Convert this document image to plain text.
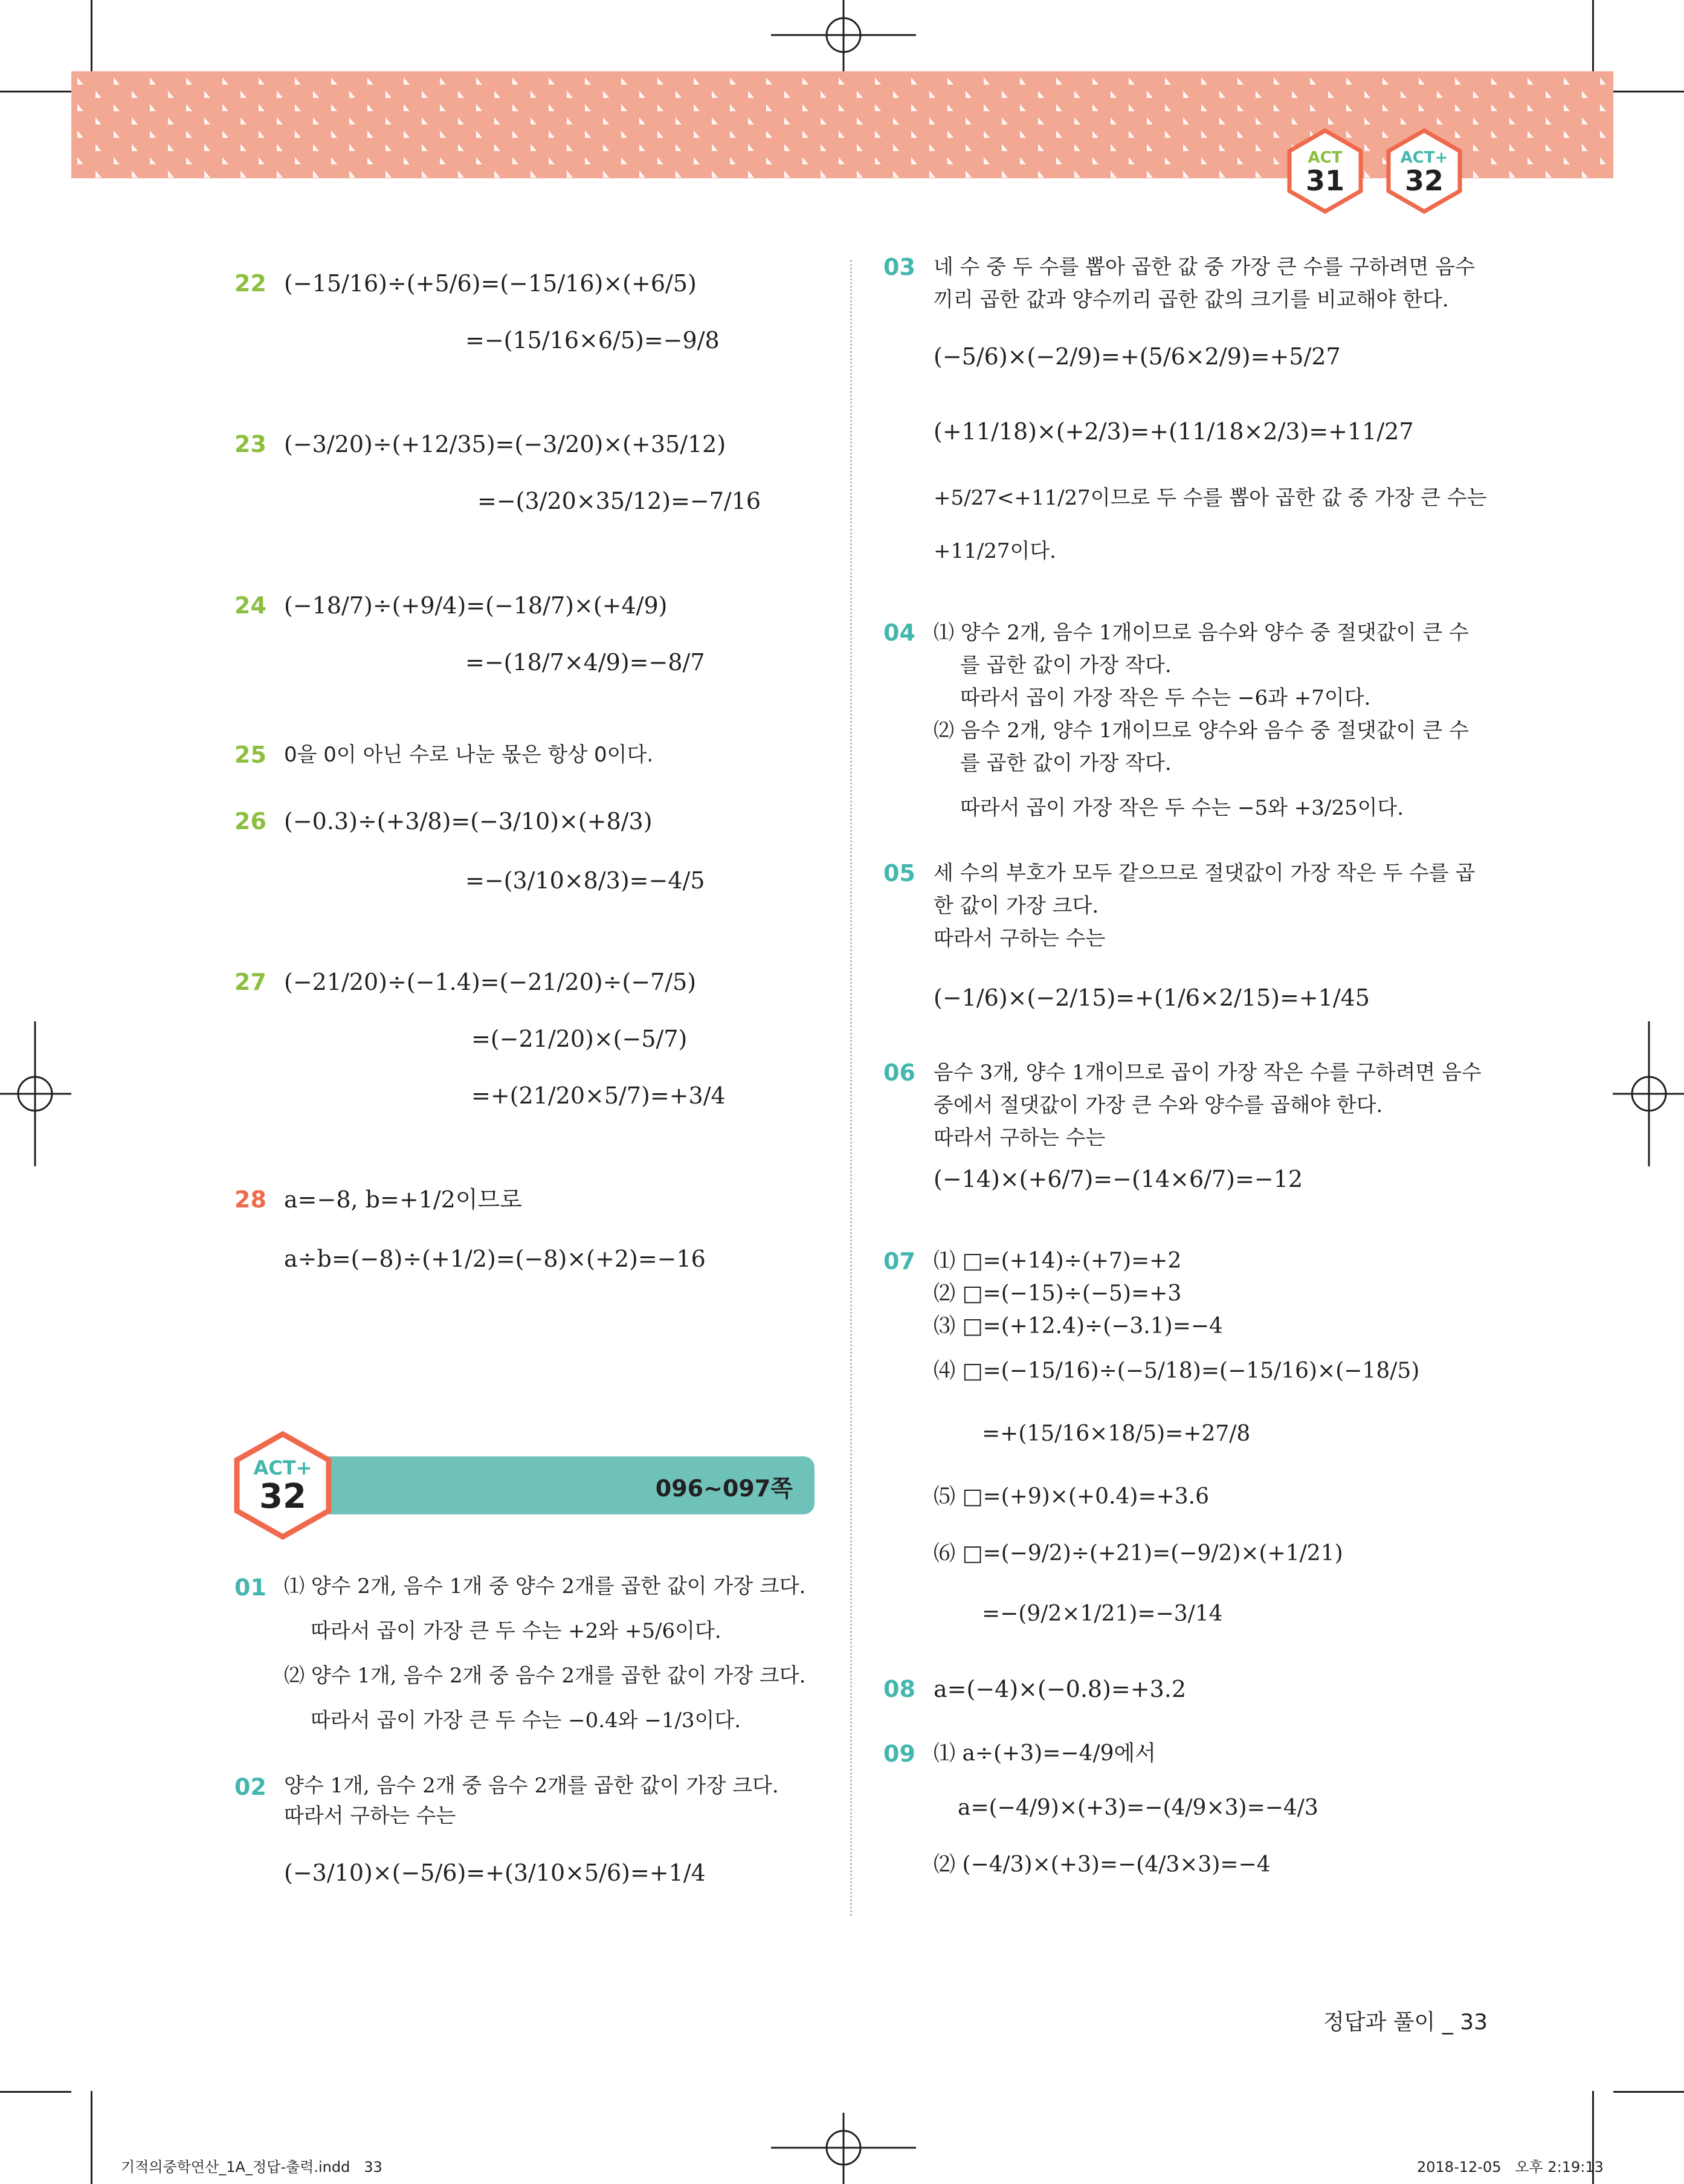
ACT
31
ACT+
32
22 (−15/16)÷(+5/6)=(−15/16)×(+6/5)
=−(15/16×6/5)=−9/8
23 (−3/20)÷(+12/35)=(−3/20)×(+35/12)
=−(3/20×35/12)=−7/16
24 (−18/7)÷(+9/4)=(−18/7)×(+4/9)
=−(18/7×4/9)=−8/7
25 0을 0이 아닌 수로 나눈 몫은 항상 0이다.
26 (−0.3)÷(+3/8)=(−3/10)×(+8/3)
=−(3/10×8/3)=−4/5
27 (−21/20)÷(−1.4)=(−21/20)÷(−7/5)
=(−21/20)×(−5/7)
=+(21/20×5/7)=+3/4
28 a=−8, b=+1/2이므로
a÷b=(−8)÷(+1/2)=(−8)×(+2)=−16
096~097쪽
ACT+
32
01 ⑴ 양수 2개, 음수 1개 중 양수 2개를 곱한 값이 가장 크다.
따라서 곱이 가장 큰 두 수는 +2와 +5/6이다.
⑵ 양수 1개, 음수 2개 중 음수 2개를 곱한 값이 가장 크다.
따라서 곱이 가장 큰 두 수는 −0.4와 −1/3이다.
02 양수 1개, 음수 2개 중 음수 2개를 곱한 값이 가장 크다.
따라서 구하는 수는
(−3/10)×(−5/6)=+(3/10×5/6)=+1/4
03 네 수 중 두 수를 뽑아 곱한 값 중 가장 큰 수를 구하려면 음수
끼리 곱한 값과 양수끼리 곱한 값의 크기를 비교해야 한다.
(−5/6)×(−2/9)=+(5/6×2/9)=+5/27
(+11/18)×(+2/3)=+(11/18×2/3)=+11/27
+5/27<+11/27이므로 두 수를 뽑아 곱한 값 중 가장 큰 수는
+11/27이다.
04 ⑴ 양수 2개, 음수 1개이므로 음수와 양수 중 절댓값이 큰 수
를 곱한 값이 가장 작다.
따라서 곱이 가장 작은 두 수는 −6과 +7이다.
⑵ 음수 2개, 양수 1개이므로 양수와 음수 중 절댓값이 큰 수
를 곱한 값이 가장 작다.
따라서 곱이 가장 작은 두 수는 −5와 +3/25이다.
05 세 수의 부호가 모두 같으므로 절댓값이 가장 작은 두 수를 곱
한 값이 가장 크다.
따라서 구하는 수는
(−1/6)×(−2/15)=+(1/6×2/15)=+1/45
06 음수 3개, 양수 1개이므로 곱이 가장 작은 수를 구하려면 음수
중에서 절댓값이 가장 큰 수와 양수를 곱해야 한다.
따라서 구하는 수는
(−14)×(+6/7)=−(14×6/7)=−12
07 ⑴ □=(+14)÷(+7)=+2
⑵ □=(−15)÷(−5)=+3
⑶ □=(+12.4)÷(−3.1)=−4
⑷ □=(−15/16)÷(−5/18)=(−15/16)×(−18/5)
=+(15/16×18/5)=+27/8
⑸ □=(+9)×(+0.4)=+3.6
⑹ □=(−9/2)÷(+21)=(−9/2)×(+1/21)
=−(9/2×1/21)=−3/14
08 a=(−4)×(−0.8)=+3.2
09 ⑴ a÷(+3)=−4/9에서
a=(−4/9)×(+3)=−(4/9×3)=−4/3
⑵ (−4/3)×(+3)=−(4/3×3)=−4
정답과 풀이 _ 33
기적의중학연산_1A_정답-출력.indd   33	2018-12-05   오후 2:19:13
